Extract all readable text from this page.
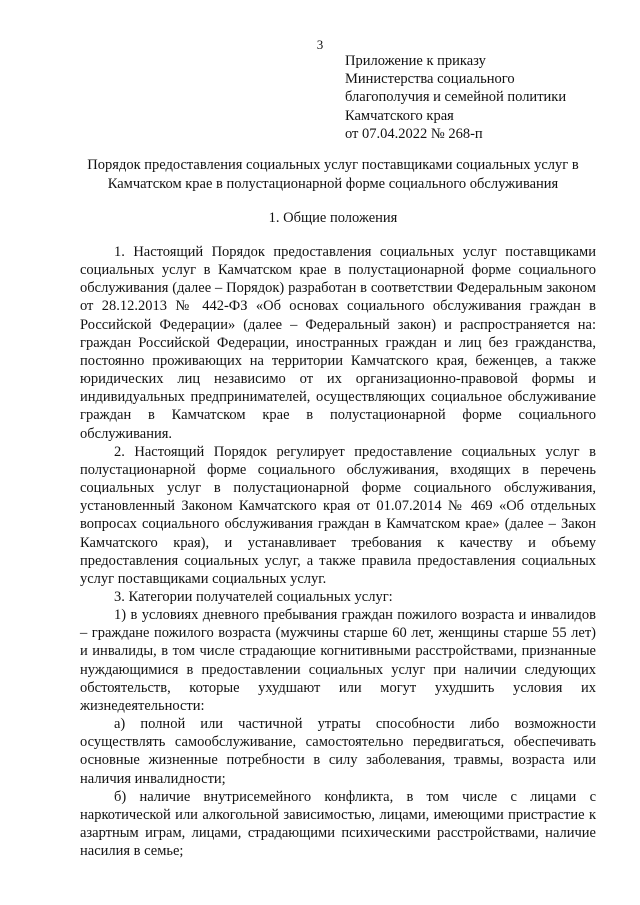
3
Приложение к приказу
Министерства социального
благополучия и семейной политики
Камчатского края
от 07.04.2022 № 268-п
Порядок предоставления социальных услуг поставщиками социальных услуг в Камчатском крае в полустационарной форме социального обслуживания
1. Общие положения

1. Настоящий Порядок предоставления социальных услуг поставщиками социальных услуг в Камчатском крае в полустационарной форме социального обслуживания (далее – Порядок) разработан в соответствии Федеральным законом от 28.12.2013 № 442-ФЗ «Об основах социального обслуживания граждан в Российской Федерации» (далее – Федеральный закон) и распространяется на: граждан Российской Федерации, иностранных граждан и лиц без гражданства, постоянно проживающих на территории Камчатского края, беженцев, а также юридических лиц независимо от их организационно-правовой формы и индивидуальных предпринимателей, осуществляющих социальное обслуживание граждан в Камчатском крае в полустационарной форме социального обслуживания.

2. Настоящий Порядок регулирует предоставление социальных услуг в полустационарной форме социального обслуживания, входящих в перечень социальных услуг в полустационарной форме социального обслуживания, установленный Законом Камчатского края от 01.07.2014 № 469 «Об отдельных вопросах социального обслуживания граждан в Камчатском крае» (далее – Закон Камчатского края), и устанавливает требования к качеству и объему предоставления социальных услуг, а также правила предоставления социальных услуг поставщиками социальных услуг.

3. Категории получателей социальных услуг:

1) в условиях дневного пребывания граждан пожилого возраста и инвалидов – граждане пожилого возраста (мужчины старше 60 лет, женщины старше 55 лет) и инвалиды, в том числе страдающие когнитивными расстройствами, признанные нуждающимися в предоставлении социальных услуг при наличии следующих обстоятельств, которые ухудшают или могут ухудшить условия их жизнедеятельности:

а) полной или частичной утраты способности либо возможности осуществлять самообслуживание, самостоятельно передвигаться, обеспечивать основные жизненные потребности в силу заболевания, травмы, возраста или наличия инвалидности;

б) наличие внутрисемейного конфликта, в том числе с лицами с наркотической или алкогольной зависимостью, лицами, имеющими пристрастие к азартным играм, лицами, страдающими психическими расстройствами, наличие насилия в семье;
